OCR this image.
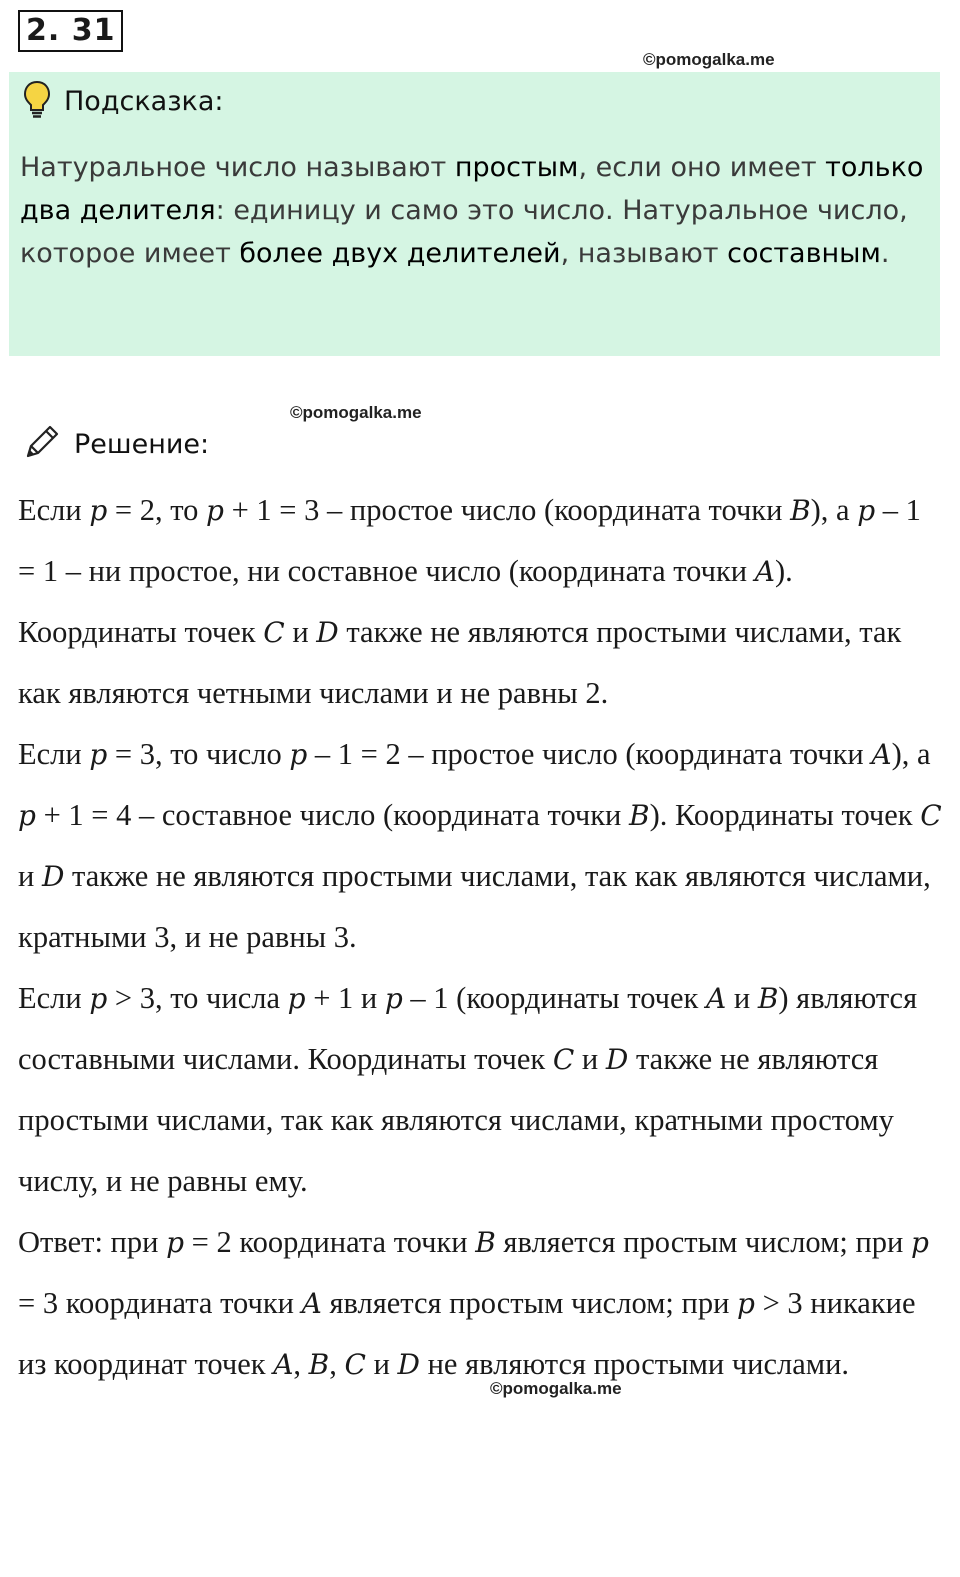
2. 31
©pomogalka.me
Подсказка:
Натуральное число называют простым, если оно имеет только два делителя: единицу и само это число. Натуральное число, которое имеет более двух делителей, называют составным.
©pomogalka.me
Решение:

Если p = 2, то p + 1 = 3 – простое число (координата точки B), а p – 1 = 1 – ни простое, ни составное число (координата точки A). Координаты точек C и D также не являются простыми числами, так как являются четными числами и не равны 2.

Если p = 3, то число p – 1 = 2 – простое число (координата точки A), а p + 1 = 4 – составное число (координата точки B). Координаты точек C и D также не являются простыми числами, так как являются числами, кратными 3, и не равны 3.

Если p > 3, то числа p + 1 и p – 1 (координаты точек A и B) являются составными числами. Координаты точек C и D также не являются простыми числами, так как являются числами, кратными простому числу, и не равны ему.

Ответ: при p = 2 координата точки B является простым числом; при p = 3 координата точки A является простым числом; при p > 3 никакие из координат точек A, B, C и D не являются простыми числами.

©pomogalka.me
